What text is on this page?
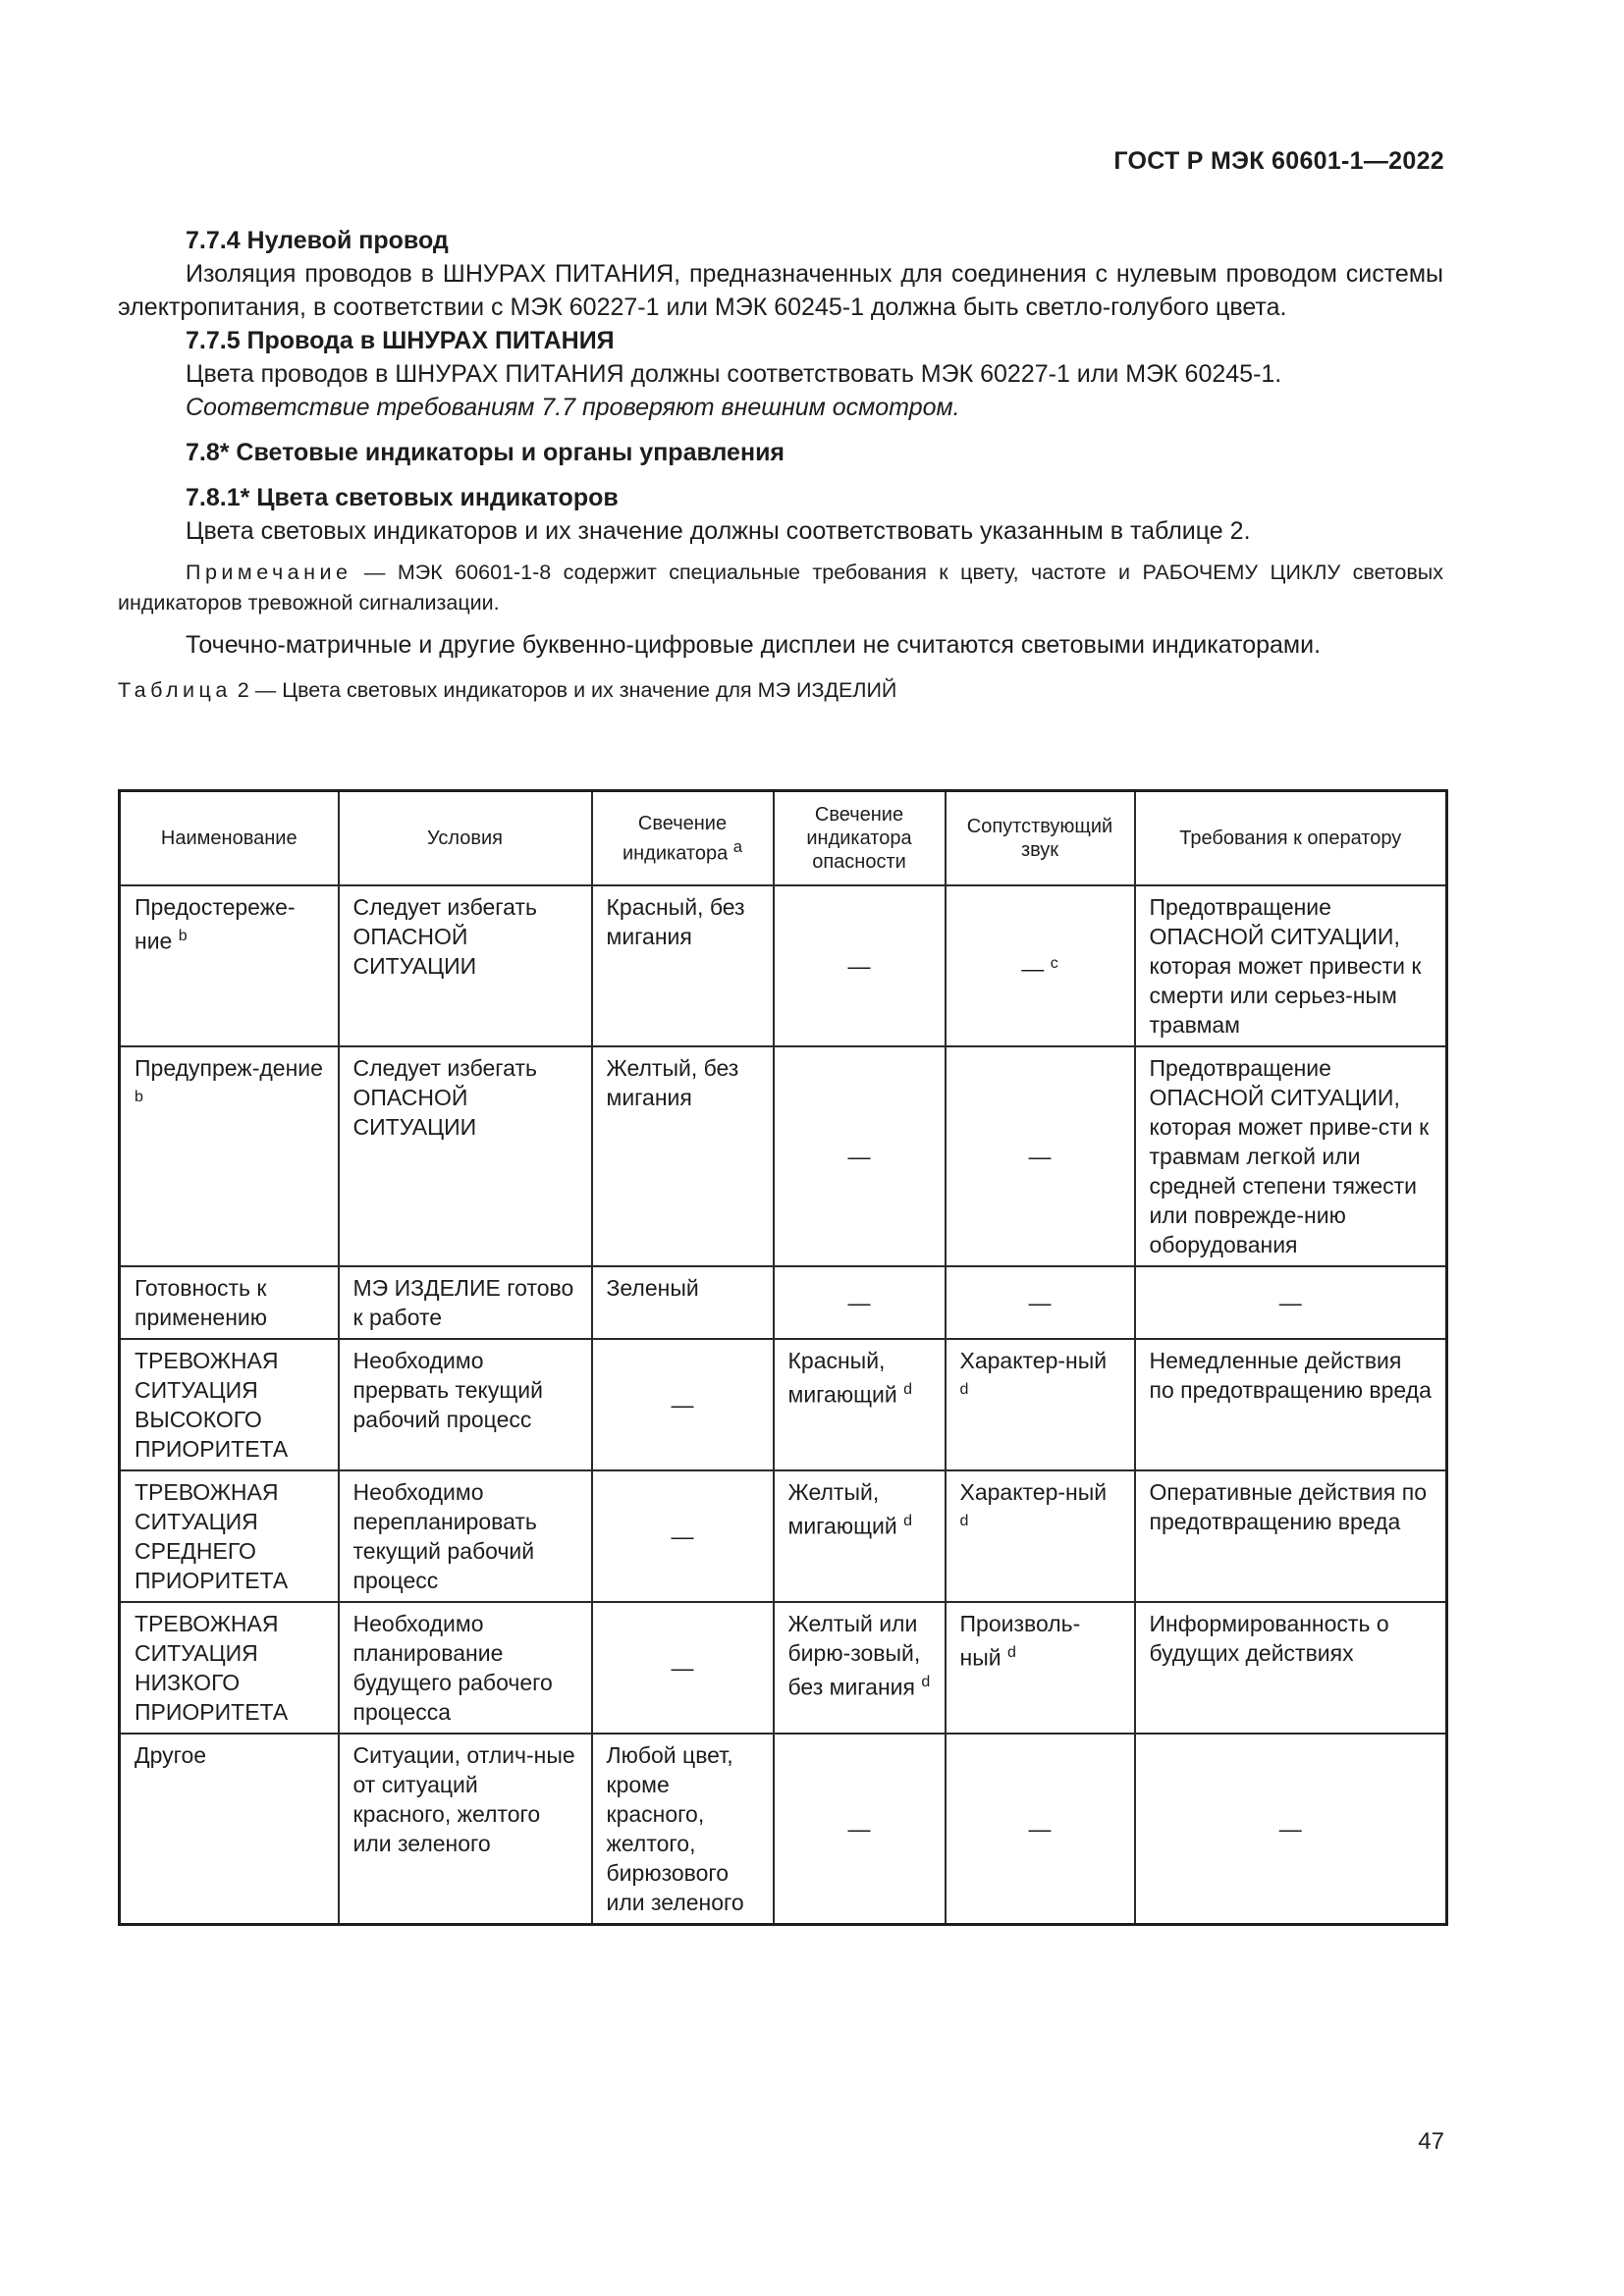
ГОСТ Р МЭК 60601-1—2022

7.7.4 Нулевой провод

Изоляция проводов в ШНУРАХ ПИТАНИЯ, предназначенных для соединения с нулевым проводом системы электропитания, в соответствии с МЭК 60227-1 или МЭК 60245-1 должна быть светло-голубого цвета.

7.7.5 Провода в ШНУРАХ ПИТАНИЯ

Цвета проводов в ШНУРАХ ПИТАНИЯ должны соответствовать МЭК 60227-1 или МЭК 60245-1.

Соответствие требованиям 7.7 проверяют внешним осмотром.

7.8* Световые индикаторы и органы управления

7.8.1* Цвета световых индикаторов

Цвета световых индикаторов и их значение должны соответствовать указанным в таблице 2.

Примечание — МЭК 60601-1-8 содержит специальные требования к цвету, частоте и РАБОЧЕМУ ЦИКЛУ световых индикаторов тревожной сигнализации.

Точечно-матричные и другие буквенно-цифровые дисплеи не считаются световыми индикаторами.

Таблица 2 — Цвета световых индикаторов и их значение для МЭ ИЗДЕЛИЙ

Наименование	Условия	Свечение индикатора $^a$	Свечение индикатора опасности	Сопутствующий звук	Требования к оператору
Предостереже-ние $^b$	Следует избегать ОПАСНОЙ СИТУАЦИИ	Красный, без мигания	—	— $^c$	Предотвращение ОПАСНОЙ СИТУАЦИИ, которая может привести к смерти или серьез-ным травмам
Предупреж-дение $^b$	Следует избегать ОПАСНОЙ СИТУАЦИИ	Желтый, без мигания	—	—	Предотвращение ОПАСНОЙ СИТУАЦИИ, которая может приве-сти к травмам легкой или средней степени тяжести или поврежде-нию оборудования
Готовность к применению	МЭ ИЗДЕЛИЕ готово к работе	Зеленый	—	—	—
ТРЕВОЖНАЯ СИТУАЦИЯ ВЫСОКОГО ПРИОРИТЕТА	Необходимо прервать текущий рабочий процесс	—	Красный, мигающий $^d$	Характер-ный $^d$	Немедленные действия по предотвращению вреда
ТРЕВОЖНАЯ СИТУАЦИЯ СРЕДНЕГО ПРИОРИТЕТА	Необходимо перепланировать текущий рабочий процесс	—	Желтый, мигающий $^d$	Характер-ный $^d$	Оперативные действия по предотвращению вреда
ТРЕВОЖНАЯ СИТУАЦИЯ НИЗКОГО ПРИОРИТЕТА	Необходимо планирование будущего рабочего процесса	—	Желтый или бирю-зовый, без мигания $^d$	Произволь-ный $^d$	Информированность о будущих действиях
Другое	Ситуации, отлич-ные от ситуаций красного, желтого или зеленого	Любой цвет, кроме красного, желтого, бирюзового или зеленого	—	—	—
47
